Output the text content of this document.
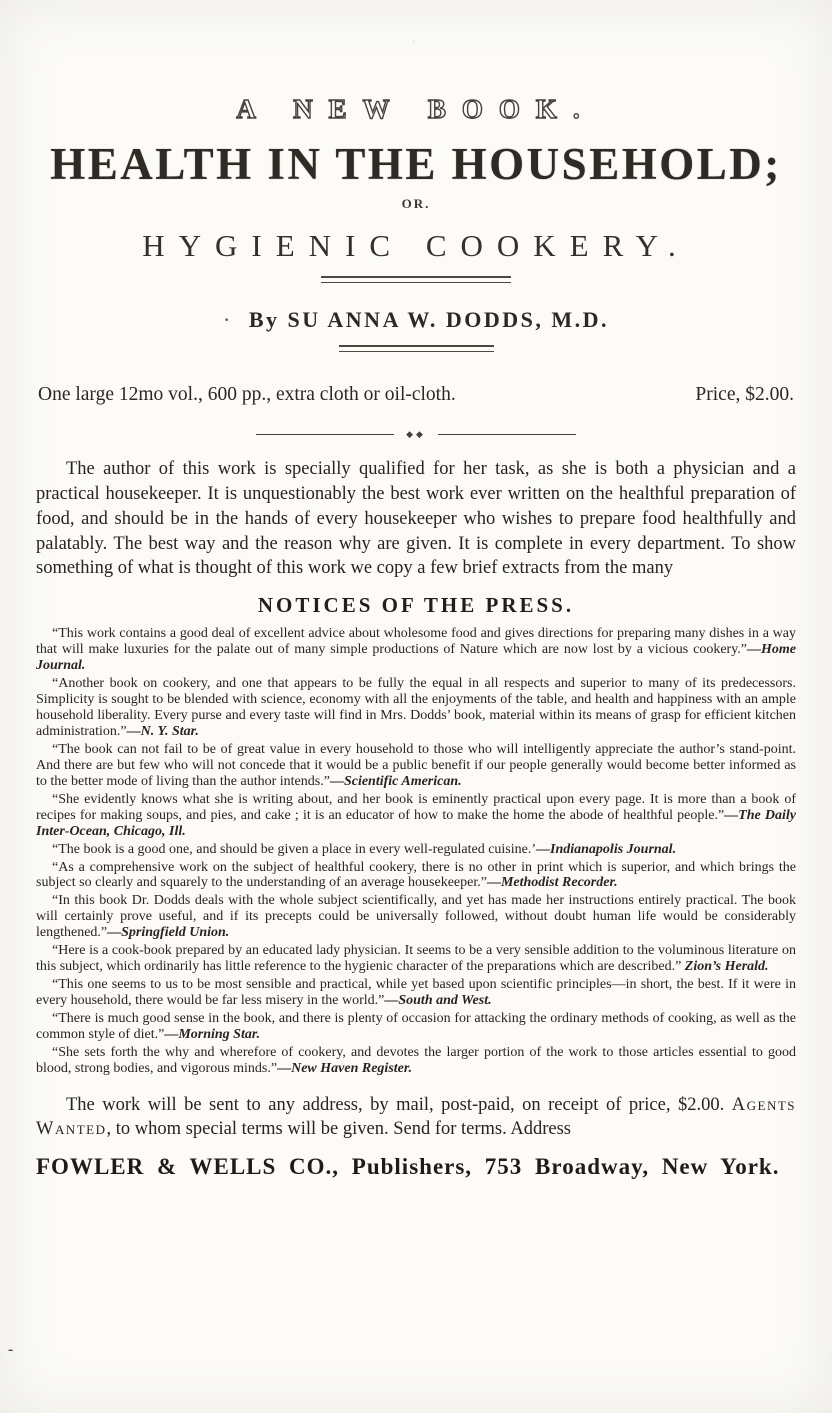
·
A NEW BOOK.
HEALTH IN THE HOUSEHOLD;
OR.
HYGIENIC COOKERY.
· By SU ANNA W. DODDS, M.D.

One large 12mo vol., 600 pp., extra cloth or oil-cloth.	Price, $2.00.

◆◆

The author of this work is specially qualified for her task, as she is both a physician and a practical housekeeper. It is unquestionably the best work ever written on the healthful preparation of food, and should be in the hands of every housekeeper who wishes to prepare food healthfully and palatably. The best way and the reason why are given. It is complete in every department. To show something of what is thought of this work we copy a few brief extracts from the many

NOTICES OF THE PRESS.

“This work contains a good deal of excellent advice about wholesome food and gives directions for preparing many dishes in a way that will make luxuries for the palate out of many simple productions of Nature which are now lost by a vicious cookery.”—Home Journal.

“Another book on cookery, and one that appears to be fully the equal in all respects and superior to many of its predecessors. Simplicity is sought to be blended with science, economy with all the enjoyments of the table, and health and happiness with an ample household liberality. Every purse and every taste will find in Mrs. Dodds’ book, material within its means of grasp for efficient kitchen administration.”—N. Y. Star.

“The book can not fail to be of great value in every household to those who will intelligently appreciate the author’s stand-point. And there are but few who will not concede that it would be a public benefit if our people generally would become better informed as to the better mode of living than the author intends.”—Scientific American.

“She evidently knows what she is writing about, and her book is eminently practical upon every page. It is more than a book of recipes for making soups, and pies, and cake ; it is an educator of how to make the home the abode of healthful people.”—The Daily Inter-Ocean, Chicago, Ill.

“The book is a good one, and should be given a place in every well-regulated cuisine.’—Indianapolis Journal.

“As a comprehensive work on the subject of healthful cookery, there is no other in print which is superior, and which brings the subject so clearly and squarely to the understanding of an average housekeeper.”—Methodist Recorder.

“In this book Dr. Dodds deals with the whole subject scientifically, and yet has made her instructions entirely practical. The book will certainly prove useful, and if its precepts could be universally followed, without doubt human life would be considerably lengthened.”—Springfield Union.

“Here is a cook-book prepared by an educated lady physician. It seems to be a very sensible addition to the voluminous literature on this subject, which ordinarily has little reference to the hygienic character of the preparations which are described.” Zion’s Herald.

“This one seems to us to be most sensible and practical, while yet based upon scientific principles—in short, the best. If it were in every household, there would be far less misery in the world.”—South and West.

“There is much good sense in the book, and there is plenty of occasion for attacking the ordinary methods of cooking, as well as the common style of diet.”—Morning Star.

“She sets forth the why and wherefore of cookery, and devotes the larger portion of the work to those articles essential to good blood, strong bodies, and vigorous minds.”—New Haven Register.

The work will be sent to any address, by mail, post-paid, on receipt of price, $2.00. Agents Wanted, to whom special terms will be given. Send for terms. Address

FOWLER & WELLS CO., Publishers, 753 Broadway, New York.

-
